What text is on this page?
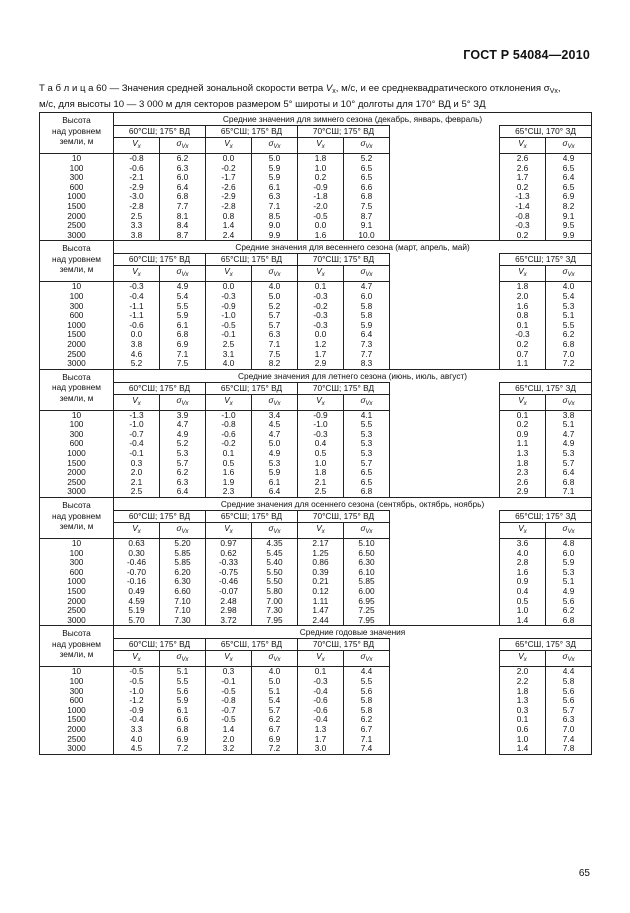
ГОСТ Р 54084—2010
Т а б л и ц а 60 — Значения средней зональной скорости ветра $V_x$, м/с, и ее среднеквадратического отклонения $\sigma_{Vx}$,
м/с, для высоты 10 — 3 000 м для секторов размером 5° широты и 10° долготы для 170° ВД и 5° ЗД
Высота
над уровнем
земли, м	Средние значения для зимнего сезона (декабрь, январь, февраль)								
	60°СШ; 175° ВД		65°СШ; 175° ВД		70°СШ; 175° ВД			65°СШ, 170° ЗД	
	$V_x$	$\sigma_{Vx}$	$V_x$	$\sigma_{Vx}$	$V_x$	$\sigma_{Vx}$		$V_x$	$\sigma_{Vx}$
10	-0.8	6.2	0.0	5.0	1.8	5.2		2.6	4.9
100	-0.6	6.3	-0.2	5.9	1.0	6.5		2.6	6.5
300	-2.1	6.0	-1.7	5.9	0.2	6.5		1.7	6.4
600	-2.9	6.4	-2.6	6.1	-0.9	6.6		0.2	6.5
1000	-3.0	6.8	-2.9	6.3	-1.8	6.8		-1.3	6.9
1500	-2.8	7.7	-2.8	7.1	-2.0	7.5		-1.4	8.2
2000	2.5	8.1	0.8	8.5	-0.5	8.7		-0.8	9.1
2500	3.3	8.4	1.4	9.0	0.0	9.1		-0.3	9.5
3000	3.8	8.7	2.4	9.9	1.6	10.0		0.2	9.9

Высота
над уровнем
земли, м	Средние значения для весеннего сезона (март, апрель, май)								
	60°СШ; 175° ВД		65°СШ; 175° ВД		70°СШ; 175° ВД			65°СШ; 175° ЗД	
	$V_x$	$\sigma_{Vx}$	$V_x$	$\sigma_{Vx}$	$V_x$	$\sigma_{Vx}$		$V_x$	$\sigma_{Vx}$
10	-0.3	4.9	0.0	4.0	0.1	4.7		1.8	4.0
100	-0.4	5.4	-0.3	5.0	-0.3	6.0		2.0	5.4
300	-1.1	5.5	-0.9	5.2	-0.2	5.8		1.6	5.3
600	-1.1	5.9	-1.0	5.7	-0.3	5.8		0.8	5.1
1000	-0.6	6.1	-0.5	5.7	-0.3	5.9		0.1	5.5
1500	0.0	6.8	-0.1	6.3	0.0	6.4		-0.3	6.2
2000	3.8	6.9	2.5	7.1	1.2	7.3		0.2	6.8
2500	4.6	7.1	3.1	7.5	1.7	7.7		0.7	7.0
3000	5.2	7.5	4.0	8.2	2.9	8.3		1.1	7.2

Высота
над уровнем
земли, м	Средние значения для летнего сезона (июнь, июль, август)								
	60°СШ; 175° ВД		65°СШ; 175° ВД		70°СШ; 175° ВД			65°СШ, 175° ЗД	
	$V_x$	$\sigma_{Vx}$	$V_x$	$\sigma_{Vx}$	$V_x$	$\sigma_{Vx}$		$V_x$	$\sigma_{Vx}$
10	-1.3	3.9	-1.0	3.4	-0.9	4.1		0.1	3.8
100	-1.0	4.7	-0.8	4.5	-1.0	5.5		0.2	5.1
300	-0.7	4.9	-0.6	4.7	-0.3	5.3		0.9	4.7
600	-0.4	5.2	-0.2	5.0	0.4	5.3		1.1	4.9
1000	-0.1	5.3	0.1	4.9	0.5	5.3		1.3	5.3
1500	0.3	5.7	0.5	5.3	1.0	5.7		1.8	5.7
2000	2.0	6.2	1.6	5.9	1.8	6.5		2.3	6.4
2500	2.1	6.3	1.9	6.1	2.1	6.5		2.6	6.8
3000	2.5	6.4	2.3	6.4	2.5	6.8		2.9	7.1

Высота
над уровнем
земли, м	Средние значения для осеннего сезона (сентябрь, октябрь, ноябрь)								
	60°СШ; 175° ВД		65°СШ; 175° ВД		70°СШ, 175° ВД			65°СШ; 175° ЗД	
	$V_x$	$\sigma_{Vx}$	$V_x$	$\sigma_{Vx}$	$V_x$	$\sigma_{Vx}$		$V_x$	$\sigma_{Vx}$
10	0.63	5.20	0.97	4.35	2.17	5.10		3.6	4.8
100	0.30	5.85	0.62	5.45	1.25	6.50		4.0	6.0
300	-0.46	5.85	-0.33	5.40	0.86	6.30		2.8	5.9
600	-0.70	6.20	-0.75	5.50	0.39	6.10		1.6	5.3
1000	-0.16	6.30	-0.46	5.50	0.21	5.85		0.9	5.1
1500	0.49	6.60	-0.07	5.80	0.12	6.00		0.4	4.9
2000	4.59	7.10	2.48	7.00	1.11	6.95		0.5	5.6
2500	5.19	7.10	2.98	7.30	1.47	7.25		1.0	6.2
3000	5.70	7.30	3.72	7.95	2.44	7.95		1.4	6.8

Высота
над уровнем
земли, м	Средние годовые значения								
	60°СШ; 175° ВД		65°СШ, 175° ВД		70°СШ, 175° ВД			65°СШ, 175° ЗД	
	$V_x$	$\sigma_{Vx}$	$V_x$	$\sigma_{Vx}$	$V_x$	$\sigma_{Vx}$		$V_x$	$\sigma_{Vx}$
10	-0.5	5.1	0.3	4.0	0.1	4.4		2.0	4.4
100	-0.5	5.5	-0.1	5.0	-0.3	5.5		2.2	5.8
300	-1.0	5.6	-0.5	5.1	-0.4	5.6		1.8	5.6
600	-1.2	5.9	-0.8	5.4	-0.6	5.8		1.3	5.6
1000	-0.9	6.1	-0.7	5.7	-0.6	5.8		0.3	5.7
1500	-0.4	6.6	-0.5	6.2	-0.4	6.2		0.1	6.3
2000	3.3	6.8	1.4	6.7	1.3	6.7		0.6	7.0
2500	4.0	6.9	2.0	6.9	1.7	7.1		1.0	7.4
3000	4.5	7.2	3.2	7.2	3.0	7.4		1.4	7.8
65
